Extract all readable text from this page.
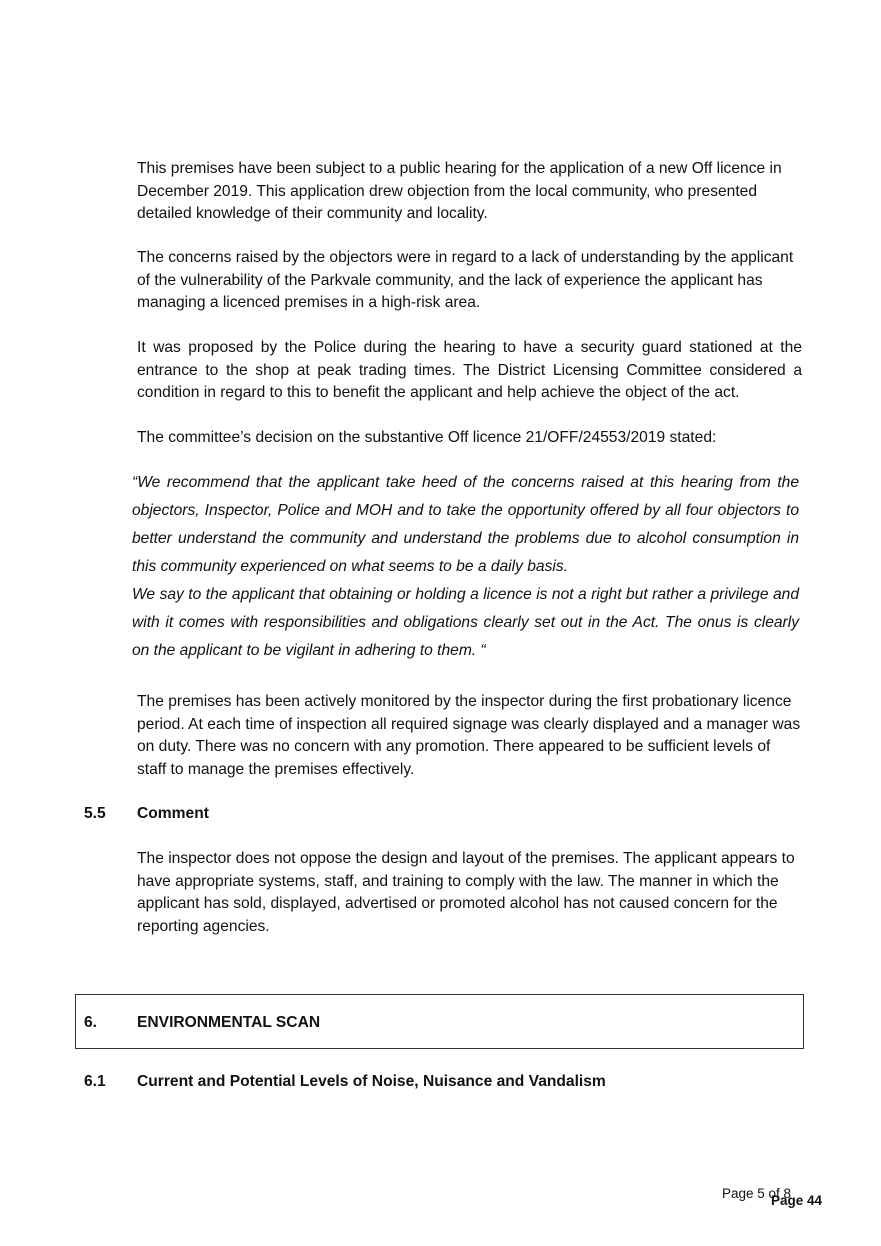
This premises have been subject to a public hearing for the application of a new Off licence in December 2019. This application drew objection from the local community, who presented detailed knowledge of their community and locality.

The concerns raised by the objectors were in regard to a lack of understanding by the applicant of the vulnerability of the Parkvale community, and the lack of experience the applicant has managing a licenced premises in a high-risk area.

It was proposed by the Police during the hearing to have a security guard stationed at the entrance to the shop at peak trading times. The District Licensing Committee considered a condition in regard to this to benefit the applicant and help achieve the object of the act.

The committee’s decision on the substantive Off licence 21/OFF/24553/2019 stated:

“We recommend that the applicant take heed of the concerns raised at this hearing from the objectors, Inspector, Police and MOH and to take the opportunity offered by all four objectors to better understand the community and understand the problems due to alcohol consumption in this community experienced on what seems to be a daily basis.

We say to the applicant that obtaining or holding a licence is not a right but rather a privilege and with it comes with responsibilities and obligations clearly set out in the Act. The onus is clearly on the applicant to be vigilant in adhering to them. “

The premises has been actively monitored by the inspector during the first probationary licence period. At each time of inspection all required signage was clearly displayed and a manager was on duty. There was no concern with any promotion. There appeared to be sufficient levels of staff to manage the premises effectively.

5.5 Comment

The inspector does not oppose the design and layout of the premises. The applicant appears to have appropriate systems, staff, and training to comply with the law. The manner in which the applicant has sold, displayed, advertised or promoted alcohol has not caused concern for the reporting agencies.

6.	ENVIRONMENTAL SCAN
6.1 Current and Potential Levels of Noise, Nuisance and Vandalism
Page 5 of 8
Page 44
